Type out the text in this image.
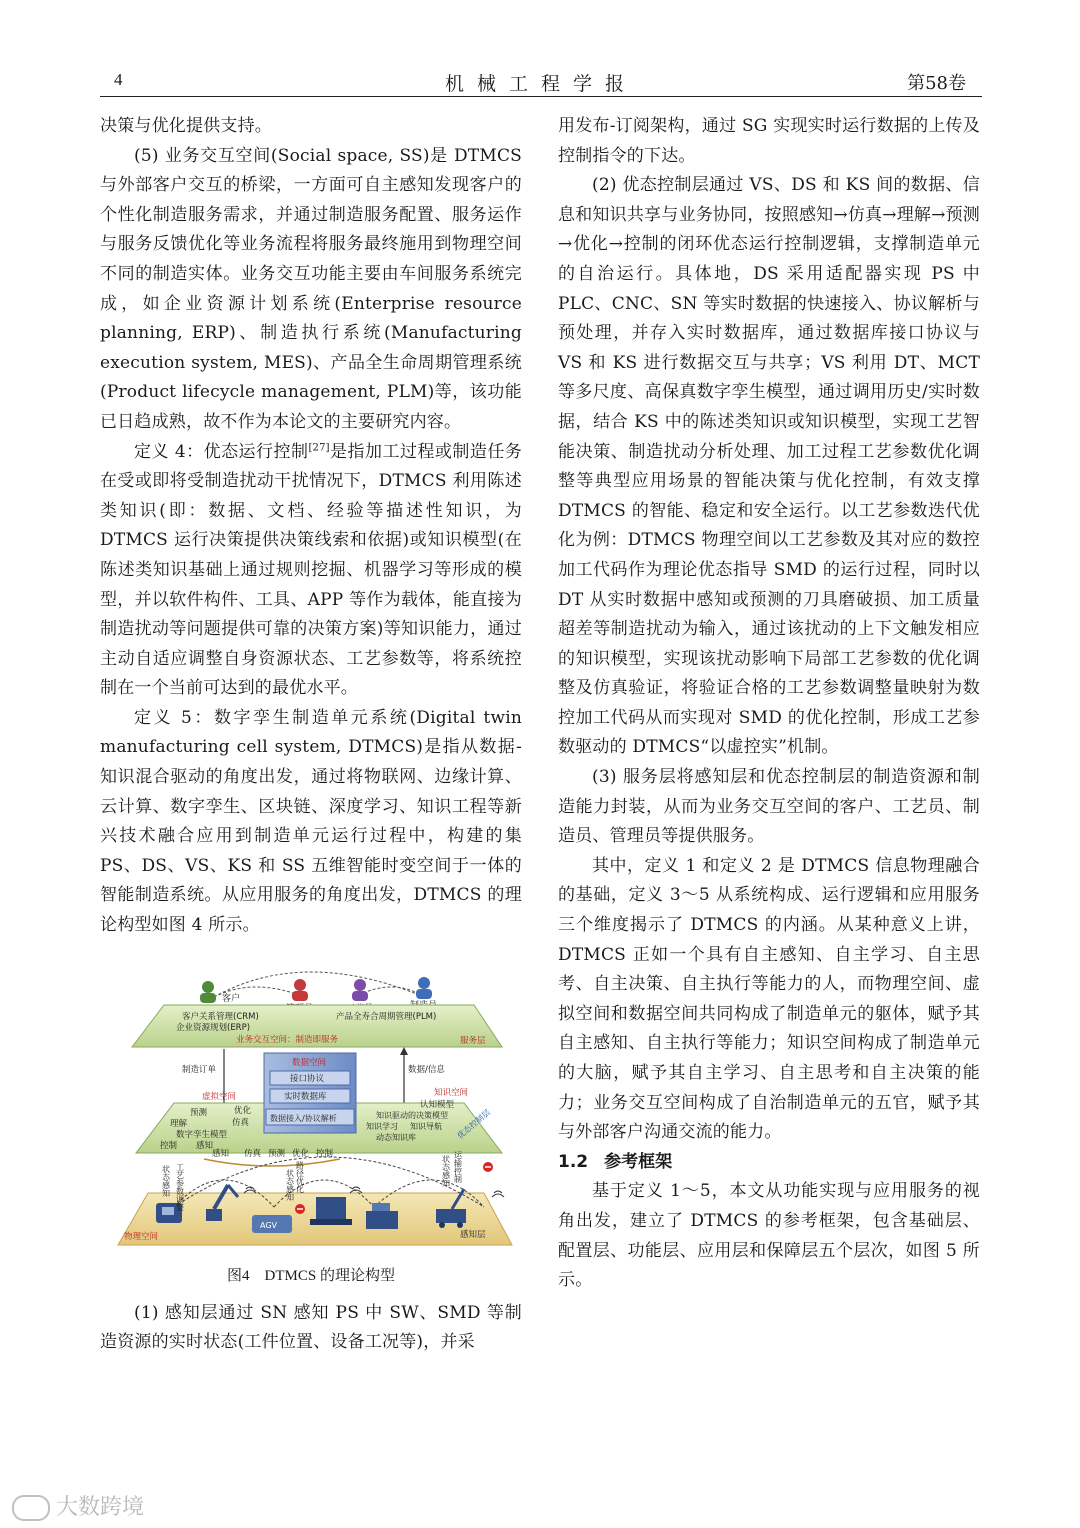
4	机械工程学报	第58卷

决策与优化提供支持。

(5) 业务交互空间(Social space, SS)是 DTMCS 与外部客户交互的桥梁，一方面可自主感知发现客户的个性化制造服务需求，并通过制造服务配置、服务运作与服务反馈优化等业务流程将服务最终施用到物理空间不同的制造实体。业务交互功能主要由车间服务系统完成，如企业资源计划系统(Enterprise resource planning, ERP)、制造执行系统(Manufacturing execution system, MES)、产品全生命周期管理系统(Product lifecycle management, PLM)等，该功能已日趋成熟，故不作为本论文的主要研究内容。

定义 4：优态运行控制[27]是指加工过程或制造任务在受或即将受制造扰动干扰情况下，DTMCS 利用陈述类知识(即：数据、文档、经验等描述性知识，为 DTMCS 运行决策提供决策线索和依据)或知识模型(在陈述类知识基础上通过规则挖掘、机器学习等形成的模型，并以软件构件、工具、APP 等作为载体，能直接为制造扰动等问题提供可靠的决策方案)等知识能力，通过主动自适应调整自身资源状态、工艺参数等，将系统控制在一个当前可达到的最优水平。

定义 5：数字孪生制造单元系统(Digital twin manufacturing cell system, DTMCS)是指从数据-知识混合驱动的角度出发，通过将物联网、边缘计算、云计算、数字孪生、区块链、深度学习、知识工程等新兴技术融合应用到制造单元运行过程中，构建的集 PS、DS、VS、KS 和 SS 五维智能时变空间于一体的智能制造系统。从应用服务的角度出发，DTMCS 的理论构型如图 4 所示。

客户
客户关系管理(CRM)
企业资源规划(ERP)
产品全寿合周期管理(PLM)
业务交互空间：制造即服务	服务层
制造订单	数据/信息
数据空间
接口协议
实时数据库
数据接入/协议解析
虚拟空间
预测	优化
理解	仿真
数字孪生模型
控制 感知
知识空间
认知模型
知识驱动的决策模型
知识学习 知识导航
动态知识库	优态控制层
感知 仿真 预测 优化 控制
AGV
状态感知 工艺参数调整	路径优化
状态感知	状态感知 运输控制
物理空间	感知层

图4　DTMCS 的理论构型

(1) 感知层通过 SN 感知 PS 中 SW、SMD 等制造资源的实时状态(工件位置、设备工况等)，并采

用发布-订阅架构，通过 SG 实现实时运行数据的上传及控制指令的下达。

(2) 优态控制层通过 VS、DS 和 KS 间的数据、信息和知识共享与业务协同，按照感知→仿真→理解→预测→优化→控制的闭环优态运行控制逻辑，支撑制造单元的自治运行。具体地，DS 采用适配器实现 PS 中 PLC、CNC、SN 等实时数据的快速接入、协议解析与预处理，并存入实时数据库，通过数据库接口协议与 VS 和 KS 进行数据交互与共享；VS 利用 DT、MCT 等多尺度、高保真数字孪生模型，通过调用历史/实时数据，结合 KS 中的陈述类知识或知识模型，实现工艺智能决策、制造扰动分析处理、加工过程工艺参数优化调整等典型应用场景的智能决策与优化控制，有效支撑 DTMCS 的智能、稳定和安全运行。以工艺参数迭代优化为例：DTMCS 物理空间以工艺参数及其对应的数控加工代码作为理论优态指导 SMD 的运行过程，同时以 DT 从实时数据中感知或预测的刀具磨破损、加工质量超差等制造扰动为输入，通过该扰动的上下文触发相应的知识模型，实现该扰动影响下局部工艺参数的优化调整及仿真验证，将验证合格的工艺参数调整量映射为数控加工代码从而实现对 SMD 的优化控制，形成工艺参数驱动的 DTMCS“以虚控实”机制。

(3) 服务层将感知层和优态控制层的制造资源和制造能力封装，从而为业务交互空间的客户、工艺员、制造员、管理员等提供服务。

其中，定义 1 和定义 2 是 DTMCS 信息物理融合的基础，定义 3～5 从系统构成、运行逻辑和应用服务三个维度揭示了 DTMCS 的内涵。从某种意义上讲，DTMCS 正如一个具有自主感知、自主学习、自主思考、自主决策、自主执行等能力的人，而物理空间、虚拟空间和数据空间共同构成了制造单元的躯体，赋予其自主感知、自主执行等能力；知识空间构成了制造单元的大脑，赋予其自主学习、自主思考和自主决策的能力；业务交互空间构成了自治制造单元的五官，赋予其与外部客户沟通交流的能力。

1.2 参考框架

基于定义 1～5，本文从功能实现与应用服务的视角出发，建立了 DTMCS 的参考框架，包含基础层、配置层、功能层、应用层和保障层五个层次，如图 5 所示。

大数跨境
